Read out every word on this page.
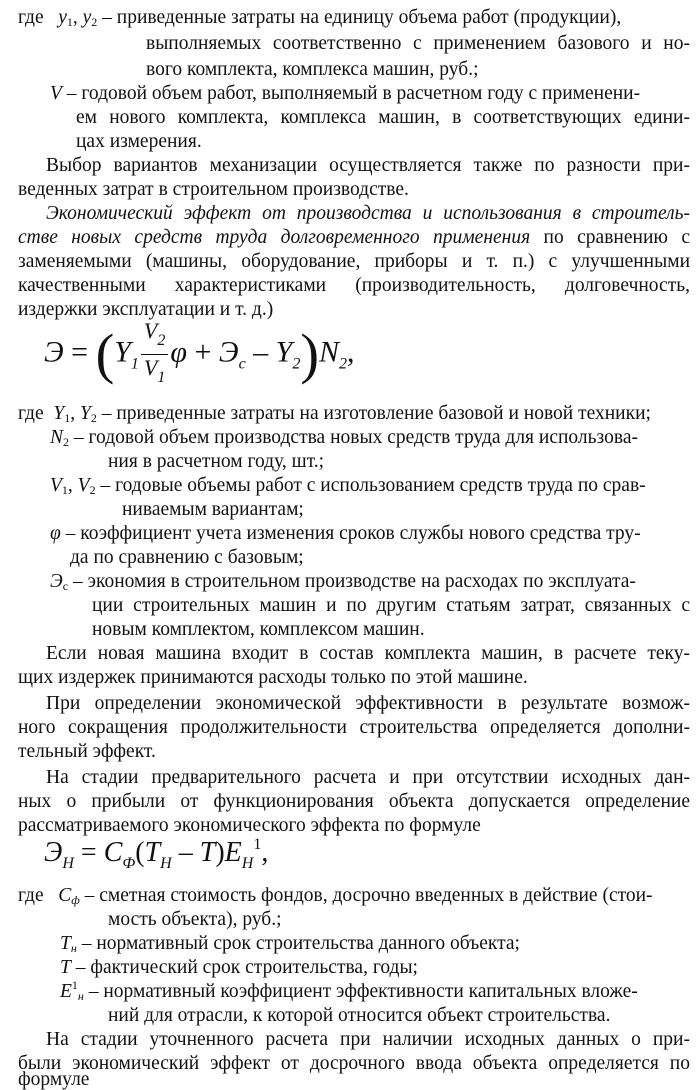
где $y_1$, $y_2$ – приведенные затраты на единицу объема работ (продукции),
выполняемых соответственно с применением базового и но-
вого комплекта, комплекса машин, руб.;
V – годовой объем работ, выполняемый в расчетном году с применени-
ем нового комплекта, комплекса машин, в соответствующих едини-
цах измерения.
Выбор вариантов механизации осуществляется также по разности при-
веденных затрат в строительном производстве.
Экономический эффект от производства и использования в строитель-
стве новых средств труда долговременного применения по сравнению с
заменяемыми (машины, оборудование, приборы и т. п.) с улучшенными
качественными характеристиками (производительность, долговечность,
издержки эксплуатации и т. д.)
$Э = (Y_1 \frac{V_2}{V_1}$ $\varphi + Э_с - Y_2)N_2$,
где $Y_1$, $Y_2$ – приведенные затраты на изготовление базовой и новой техники;
$N_2$ – годовой объем производства новых средств труда для использова-
ния в расчетном году, шт.;
$V_1$, $V_2$ – годовые объемы работ с использованием средств труда по срав-
ниваемым вариантам;
φ – коэффициент учета изменения сроков службы нового средства тру-
да по сравнению с базовым;
$Э_с$ – экономия в строительном производстве на расходах по эксплуата-
ции строительных машин и по другим статьям затрат, связанных с
новым комплектом, комплексом машин.
Если новая машина входит в состав комплекта машин, в расчете теку-
щих издержек принимаются расходы только по этой машине.
При определении экономической эффективности в результате возмож-
ного сокращения продолжительности строительства определяется дополни-
тельный эффект.
На стадии предварительного расчета и при отсутствии исходных дан-
ных о прибыли от функционирования объекта допускается определение
рассматриваемого экономического эффекта по формуле
$Э_Н = С_Ф(T_Н - T)E_Н^1$,
где $С_ф$ – сметная стоимость фондов, досрочно введенных в действие (стои-
мость объекта), руб.;
$Т_н$ – нормативный срок строительства данного объекта;
Т – фактический срок строительства, годы;
$E^1_н$ – нормативный коэффициент эффективности капитальных вложе-
ний для отрасли, к которой относится объект строительства.
На стадии уточненного расчета при наличии исходных данных о при-
были экономический эффект от досрочного ввода объекта определяется по
формуле
